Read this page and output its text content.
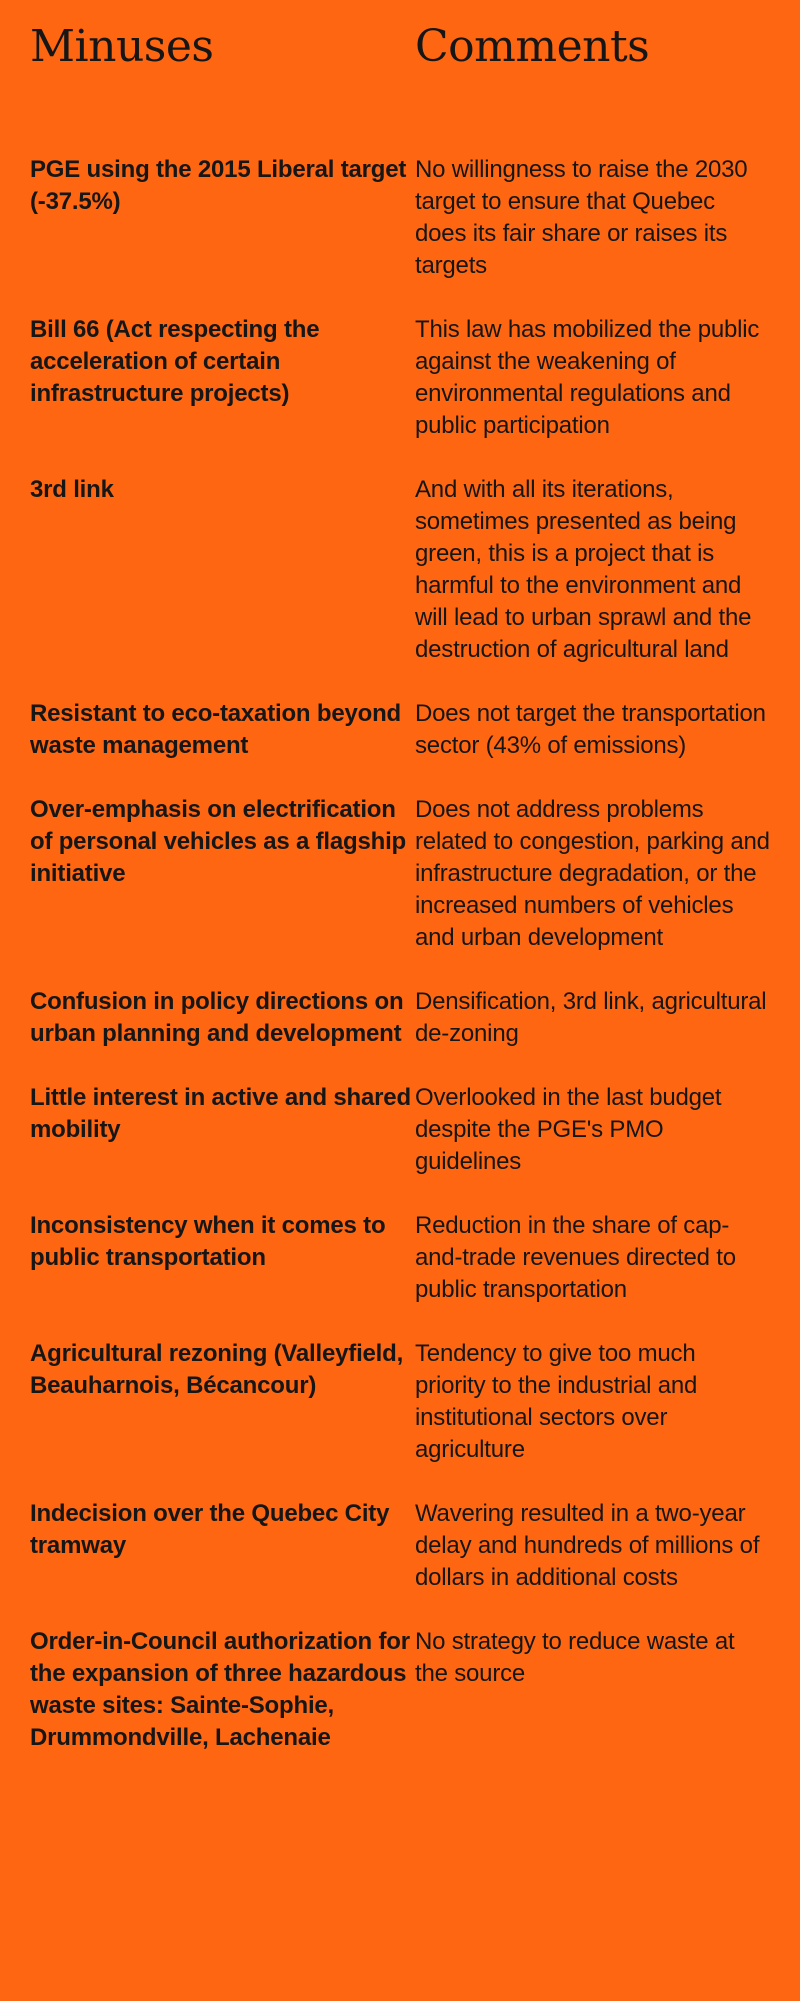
Minuses	Comments
PGE using the 2015 Liberal target (-37.5%)
No willingness to raise the 2030 target to ensure that Quebec does its fair share or raises its targets
Bill 66 (Act respecting the acceleration of certain infrastructure projects)
This law has mobilized the public against the weakening of environmental regulations and public participation
3rd link	And with all its iterations, sometimes presented as being green, this is a project that is harmful to the environment and will lead to urban sprawl and the destruction of agricultural land
Resistant to eco-taxation beyond waste management
Does not target the transportation sector (43% of emissions)
Over-emphasis on electrification of personal vehicles as a flagship initiative
Does not address problems related to congestion, parking and infrastructure degradation, or the increased numbers of vehicles and urban development
Confusion in policy directions on urban planning and development
Densification, 3rd link, agricultural de-zoning
Little interest in active and shared mobility
Overlooked in the last budget despite the PGE's PMO guidelines
Inconsistency when it comes to public transportation
Reduction in the share of cap-and-trade revenues directed to public transportation
Agricultural rezoning (Valleyfield, Beauharnois, Bécancour)
Tendency to give too much priority to the industrial and institutional sectors over agriculture
Indecision over the Quebec City tramway
Wavering resulted in a two-year delay and hundreds of millions of dollars in additional costs
Order-in-Council authorization for the expansion of three hazardous waste sites: Sainte-Sophie, Drummondville, Lachenaie
No strategy to reduce waste at the source
